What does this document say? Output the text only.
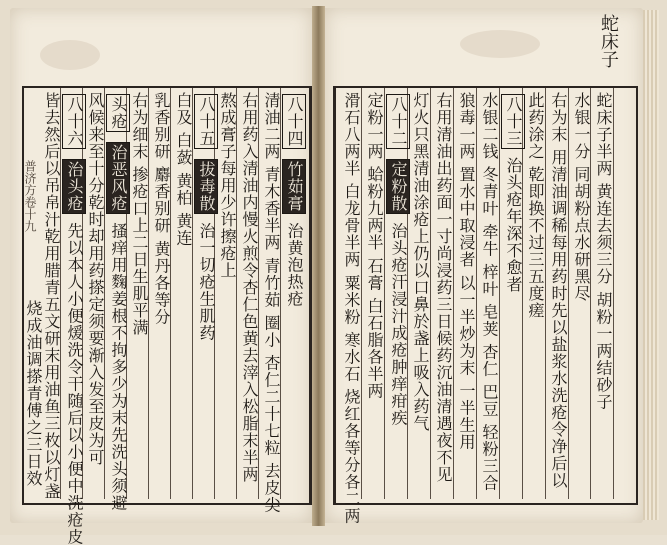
蛇床子
普济方卷十九	蛇床子半两 黄连去须三分 胡粉一两结砂子
水银一分 同胡粉点水研黑尽
右为末 用清油调稀每用药时先以盐浆水洗疮令净后以
此药涂之 乾即换不过三五度瘥
八十三 治头疮年深不愈者
水银二钱 冬青叶 牵牛 梓叶 皂荚 杏仁 巴豆 轻粉三合
狼毒一两 置水中取浸者 以一半炒为末 一半生用
右用清油出药面一寸尚浸药三日候药沉油清遇夜不见
灯火只黑清油涂疮上仍以口鼻於盏上吸入药气
八十二 定粉散 治头疮汗浸汁成疮肿痒疳疾
定粉一两 蛤粉九两半 石膏 白石脂各半两
滑石八两半 白龙骨半两 粟米粉 寒水石 烧红各等分各二两
八十四 竹茹膏 治黄泡热疮
清油二两 青木香半两 青竹茹 圈小 杏仁二十七粒 去皮尖
右用药入清油内慢火煎令杏仁色黄去滓入松脂末半两
熬成膏子每用少许擦疮上
八十五 拔毒散 治一切疮生肌药
白及 白蔹 黄柏 黄连
乳香别研 麝香别研 黄丹各等分
右为细末 掺疮口上二日生肌平满
头疮 治恶风疮 搔痒用麴姜根不拘多少为末先洗头须避
风候来至十分乾时却用药搽定须要渐入发至皮为可
八十六 治头疮 先以本人小便煖洗令干随后以小便中洗疮皮
皆去然后以吊帛汁乾用腊青五文研末用油鱼三枚以灯盏
烧成油调搽青傅之三日效
